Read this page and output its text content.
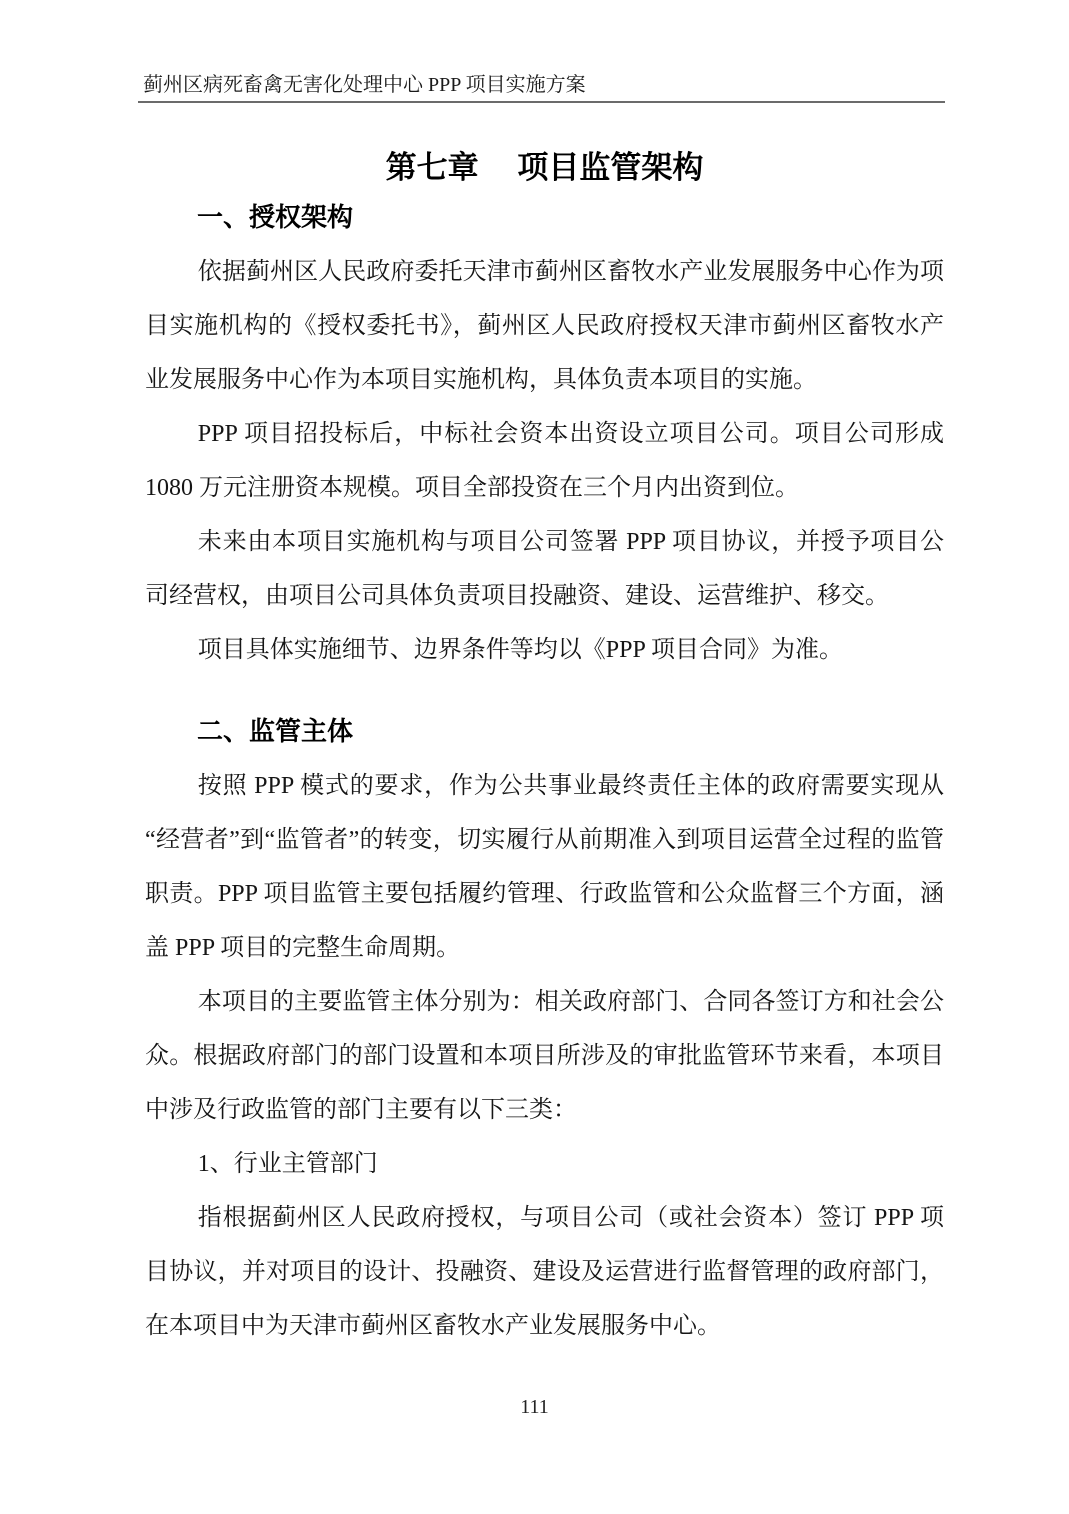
蓟州区病死畜禽无害化处理中心 PPP 项目实施方案
第七章　 项目监管架构
一、授权架构

依据蓟州区人民政府委托天津市蓟州区畜牧水产业发展服务中心作为项目实施机构的《授权委托书》，蓟州区人民政府授权天津市蓟州区畜牧水产业发展服务中心作为本项目实施机构，具体负责本项目的实施。

PPP 项目招投标后，中标社会资本出资设立项目公司。项目公司形成 1080 万元注册资本规模。项目全部投资在三个月内出资到位。

未来由本项目实施机构与项目公司签署 PPP 项目协议，并授予项目公司经营权，由项目公司具体负责项目投融资、建设、运营维护、移交。

项目具体实施细节、边界条件等均以《PPP 项目合同》为准。

二、监管主体

按照 PPP 模式的要求，作为公共事业最终责任主体的政府需要实现从“经营者”到“监管者”的转变，切实履行从前期准入到项目运营全过程的监管职责。PPP 项目监管主要包括履约管理、行政监管和公众监督三个方面，涵盖 PPP 项目的完整生命周期。

本项目的主要监管主体分别为：相关政府部门、合同各签订方和社会公众。根据政府部门的部门设置和本项目所涉及的审批监管环节来看，本项目中涉及行政监管的部门主要有以下三类：

1、行业主管部门

指根据蓟州区人民政府授权，与项目公司（或社会资本）签订 PPP 项目协议，并对项目的设计、投融资、建设及运营进行监督管理的政府部门，在本项目中为天津市蓟州区畜牧水产业发展服务中心。

111
